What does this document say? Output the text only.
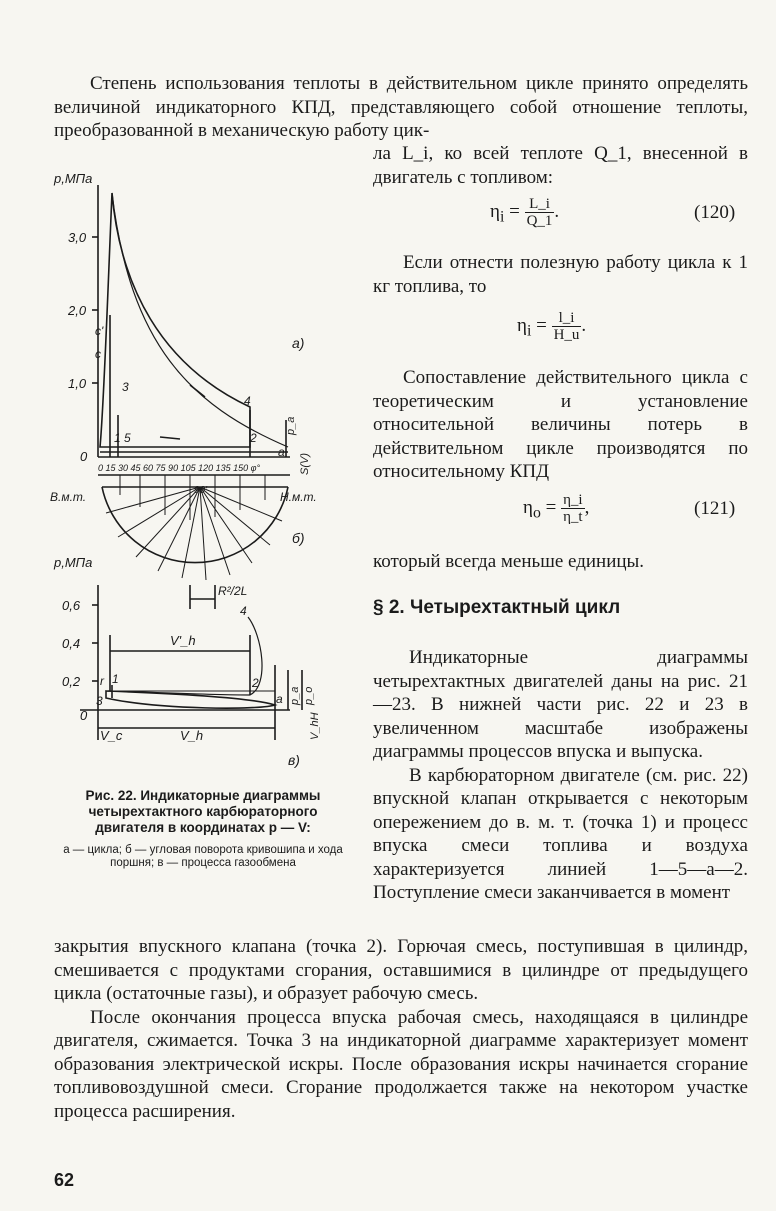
Степень использования теплоты в действительном цикле принято определять величиной индикаторного КПД, представляющего собой отношение теплоты, преобразованной в механическую работу цик-

ла L_i, ко всей теплоте Q_1, внесенной в двигатель с топливом:

$\eta_i = \frac{L\_i}{Q\_1}$ .	(120)

Если отнести полезную работу цикла к 1 кг топлива, то

$\eta_i = \frac{l\_i}{H\_u}$ .

Сопоставление действительного цикла с теоретическим и установление относительной величины потерь в действительном цикле производятся по относительному КПД

$\eta_o = \frac{\eta\_i}{\eta\_t}$ ,	(121)

который всегда меньше единицы.

§ 2. Четырехтактный цикл

Индикаторные диаграммы четырехтактных двигателей даны на рис. 21—23. В нижней части рис. 22 и 23 в увеличенном масштабе изображены диаграммы процессов впуска и выпуска.

В карбюраторном двигателе (см. рис. 22) впускной клапан открывается с некоторым опережением до в. м. т. (точка 1) и процесс впуска смеси топлива и воздуха характеризуется линией 1—5—a—2. Поступление смеси заканчивается в момент

закрытия впускного клапана (точка 2). Горючая смесь, поступившая в цилиндр, смешивается с продуктами сгорания, оставшимися в цилиндре от предыдущего цикла (остаточные газы), и образует рабочую смесь.

После окончания процесса впуска рабочая смесь, находящаяся в цилиндре двигателя, сжимается. Точка 3 на индикаторной диаграмме характеризует момент образования электрической искры. После образования искры начинается сгорание топливовоздушной смеси. Сгорание продолжается также на некотором участке процесса расширения.

p,МПа
3,0
2,0
1,0
0
c'
c
3
1 5
4
2
a
а)
p_a
S(V)
0 15 30 45 60 75 90 105 120 135 150 φ°
В.м.т.	Н.м.т.
90'
б)
R²/2L
p,МПа
0,6
0,4
0,2
0
V'_h
V_h
V_c	V_hH
r
p_a p_o
1	2
3
4
a
в)
Рис. 22. Индикаторные диаграммы четырехтактного карбюраторного двигателя в координатах p — V:
а — цикла; б — угловая поворота кривошипа и хода поршня; в — процесса газообмена
62
